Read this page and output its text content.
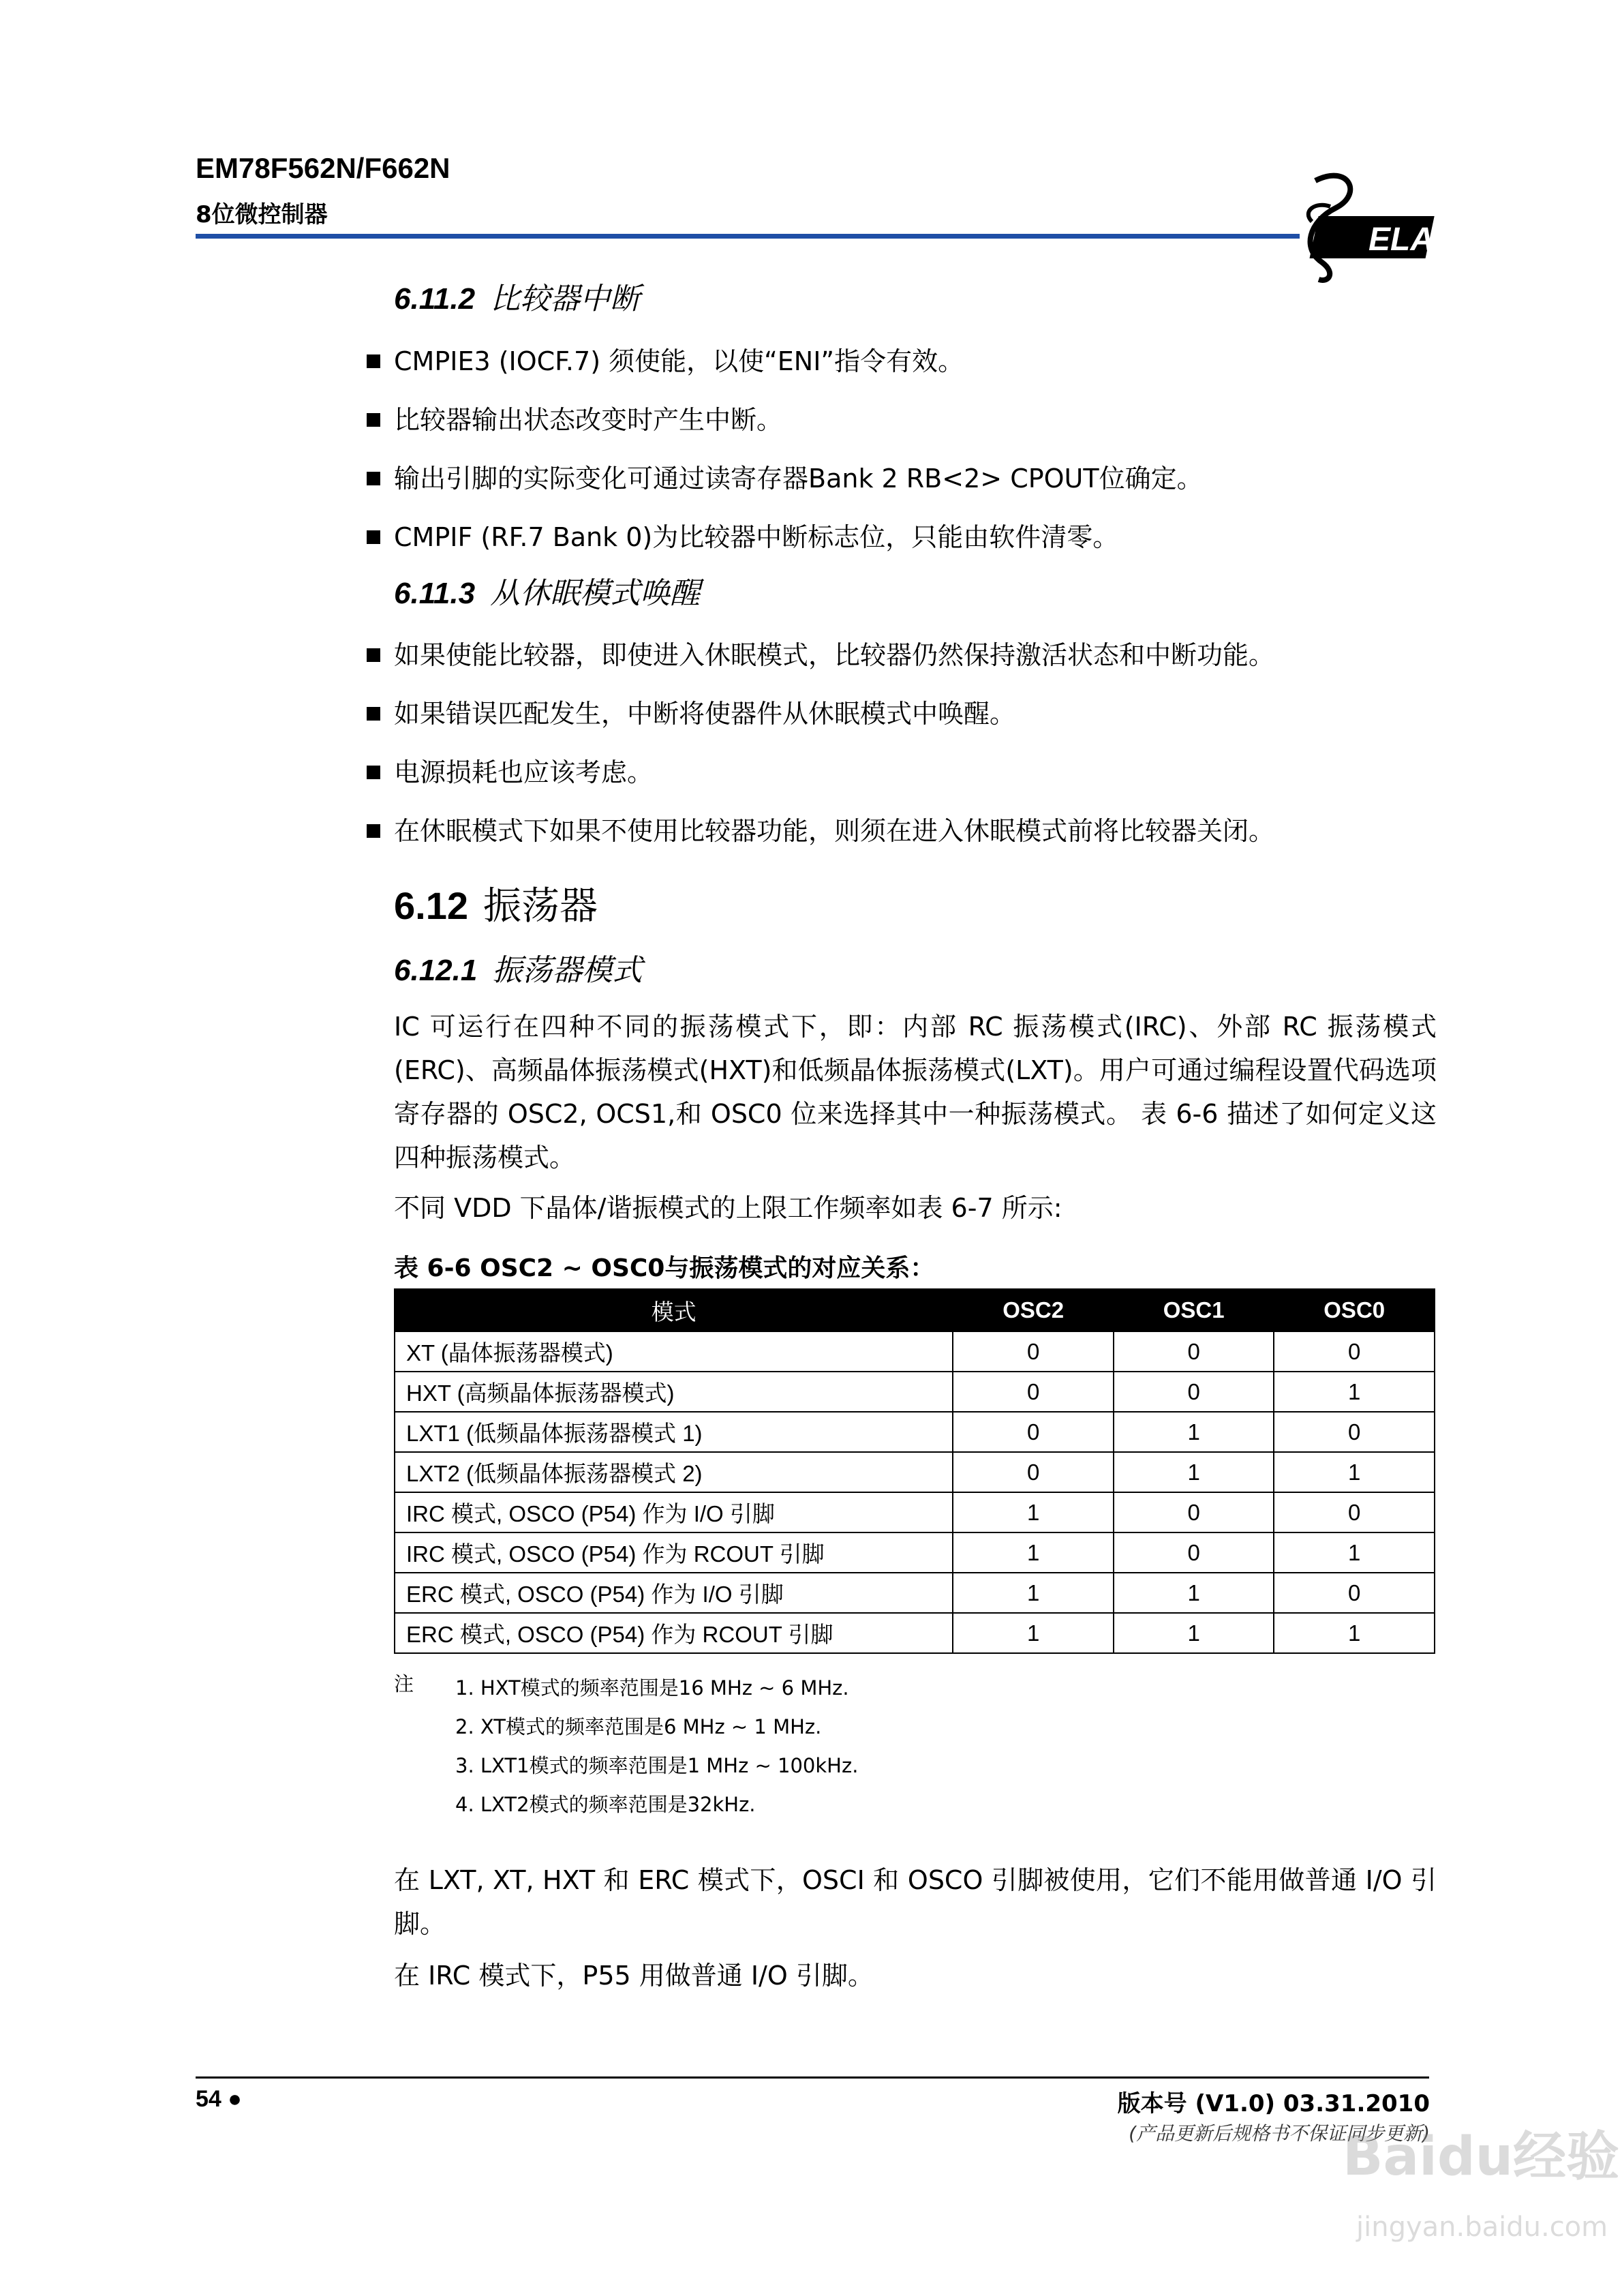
EM78F562N/F662N
8位微控制器
ELAN
6.11.2 比较器中断
CMPIE3 (IOCF.7) 须使能，以使“ENI”指令有效。
比较器输出状态改变时产生中断。
输出引脚的实际变化可通过读寄存器Bank 2 RB<2> CPOUT位确定。
CMPIF (RF.7 Bank 0)为比较器中断标志位，只能由软件清零。
6.11.3 从休眠模式唤醒
如果使能比较器，即使进入休眠模式，比较器仍然保持激活状态和中断功能。
如果错误匹配发生，中断将使器件从休眠模式中唤醒。
电源损耗也应该考虑。
在休眠模式下如果不使用比较器功能，则须在进入休眠模式前将比较器关闭。
6.12 振荡器
6.12.1 振荡器模式

IC 可运行在四种不同的振荡模式下，即：内部 RC 振荡模式(IRC)、外部 RC 振荡模式(ERC)、高频晶体振荡模式(HXT)和低频晶体振荡模式(LXT)。用户可通过编程设置代码选项寄存器的 OSC2, OCS1,和 OSC0 位来选择其中一种振荡模式。 表 6-6 描述了如何定义这四种振荡模式。

不同 VDD 下晶体/谐振模式的上限工作频率如表 6-7 所示:

表 6-6 OSC2 ~ OSC0与振荡模式的对应关系：
模式	OSC2	OSC1	OSC0
XT (晶体振荡器模式)	0	0	0
HXT (高频晶体振荡器模式)	0	0	1
LXT1 (低频晶体振荡器模式 1)	0	1	0
LXT2 (低频晶体振荡器模式 2)	0	1	1
IRC 模式, OSCO (P54) 作为 I/O 引脚	1	0	0
IRC 模式, OSCO (P54) 作为 RCOUT 引脚	1	0	1
ERC 模式, OSCO (P54) 作为 I/O 引脚	1	1	0
ERC 模式, OSCO (P54) 作为 RCOUT 引脚	1	1	1
注 1. HXT模式的频率范围是16 MHz ~ 6 MHz.
2. XT模式的频率范围是6 MHz ~ 1 MHz.
3. LXT1模式的频率范围是1 MHz ~ 100kHz.
4. LXT2模式的频率范围是32kHz.

在 LXT, XT, HXT 和 ERC 模式下，OSCI 和 OSCO 引脚被使用，它们不能用做普通 I/O 引脚。

在 IRC 模式下，P55 用做普通 I/O 引脚。

54 ●	版本号 (V1.0) 03.31.2010
(产品更新后规格书不保证同步更新)
Baidu经验
jingyan.baidu.com
